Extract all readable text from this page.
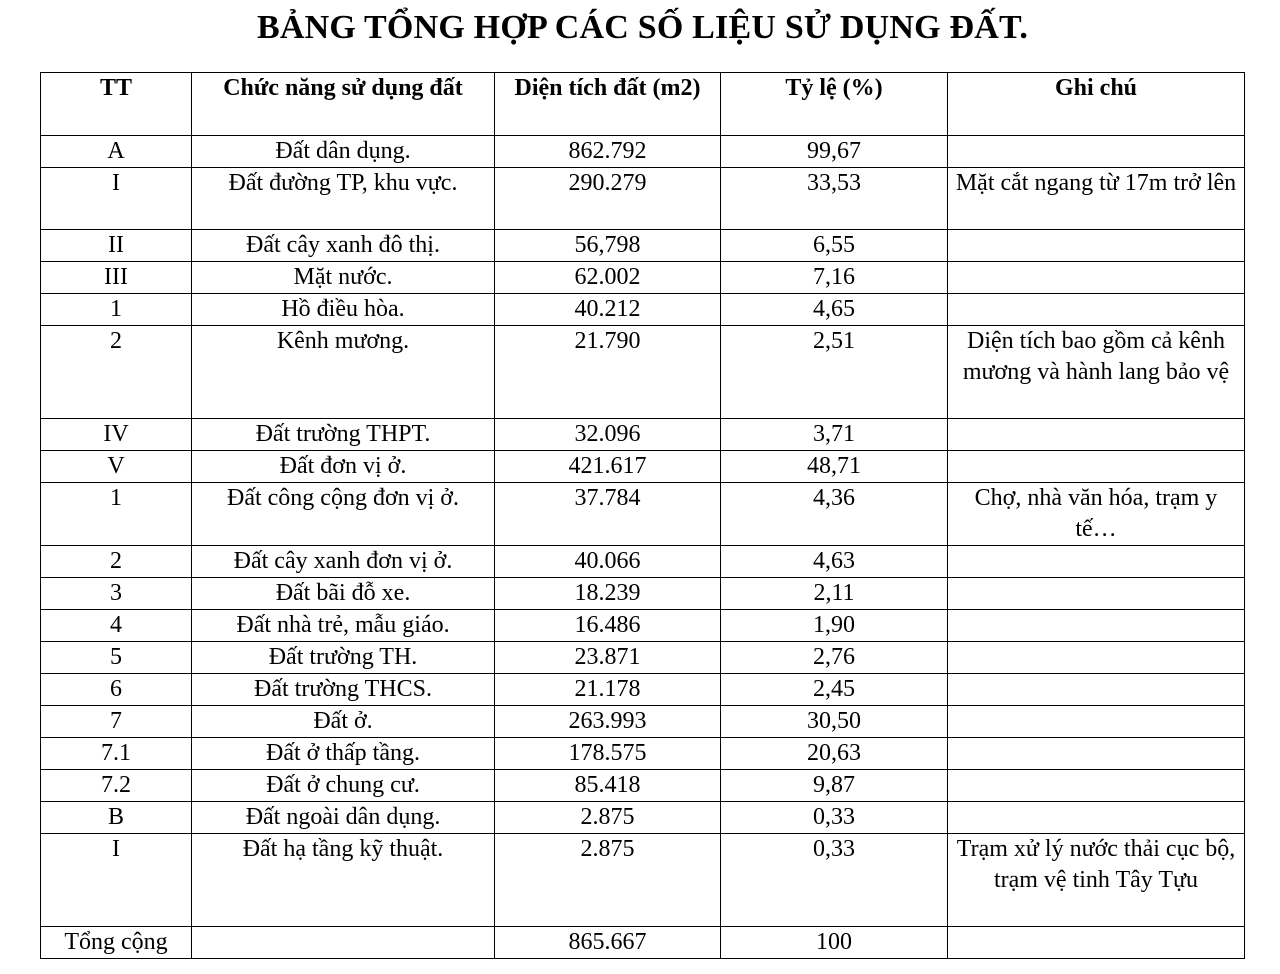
BẢNG TỔNG HỢP CÁC SỐ LIỆU SỬ DỤNG ĐẤT.
TT	Chức năng sử dụng đất	Diện tích đất (m2)	Tỷ lệ (%)	Ghi chú
A	Đất dân dụng.	862.792	99,67	
I	Đất đường TP, khu vực.	290.279	33,53	Mặt cắt ngang từ 17m trở lên
II	Đất cây xanh đô thị.	56,798	6,55	
III	Mặt nước.	62.002	7,16	
1	Hồ điều hòa.	40.212	4,65	
2	Kênh mương.	21.790	2,51	Diện tích bao gồm cả kênh mương và hành lang bảo vệ
IV	Đất trường THPT.	32.096	3,71	
V	Đất đơn vị ở.	421.617	48,71	
1	Đất công cộng đơn vị ở.	37.784	4,36	Chợ, nhà văn hóa, trạm y tế…
2	Đất cây xanh đơn vị ở.	40.066	4,63	
3	Đất bãi đỗ xe.	18.239	2,11	
4	Đất nhà trẻ, mẫu giáo.	16.486	1,90	
5	Đất trường TH.	23.871	2,76	
6	Đất trường THCS.	21.178	2,45	
7	Đất ở.	263.993	30,50	
7.1	Đất ở thấp tầng.	178.575	20,63	
7.2	Đất ở chung cư.	85.418	9,87	
B	Đất ngoài dân dụng.	2.875	0,33	
I	Đất hạ tầng kỹ thuật.	2.875	0,33	Trạm xử lý nước thải cục bộ, trạm vệ tinh Tây Tựu
Tổng cộng		865.667	100	
